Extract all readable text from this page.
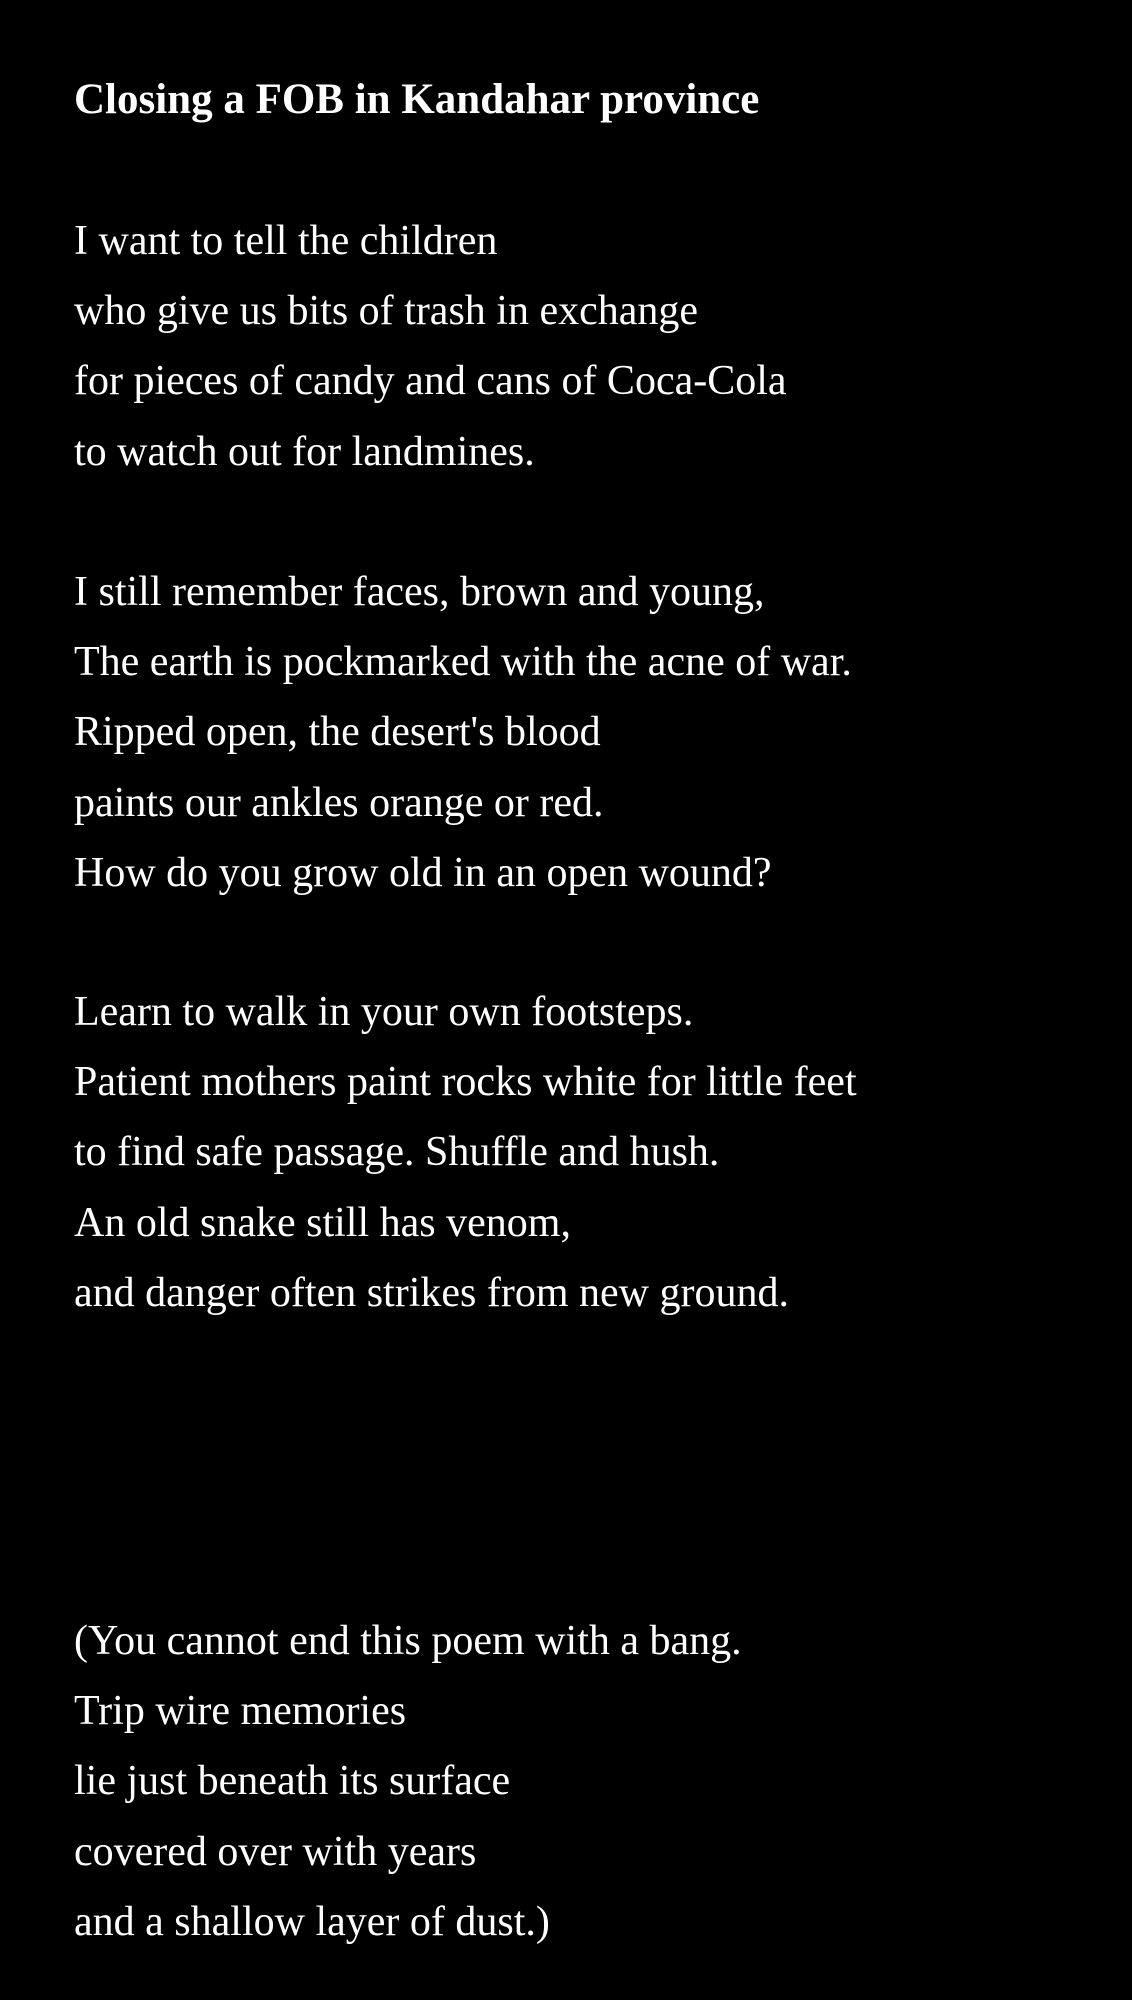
Closing a FOB in Kandahar province
I want to tell the children
who give us bits of trash in exchange
for pieces of candy and cans of Coca-Cola
to watch out for landmines.
I still remember faces, brown and young,
The earth is pockmarked with the acne of war.
Ripped open, the desert's blood
paints our ankles orange or red.
How do you grow old in an open wound?
Learn to walk in your own footsteps.
Patient mothers paint rocks white for little feet
to find safe passage. Shuffle and hush.
An old snake still has venom,
and danger often strikes from new ground.
(You cannot end this poem with a bang.
Trip wire memories
lie just beneath its surface
covered over with years
and a shallow layer of dust.)
